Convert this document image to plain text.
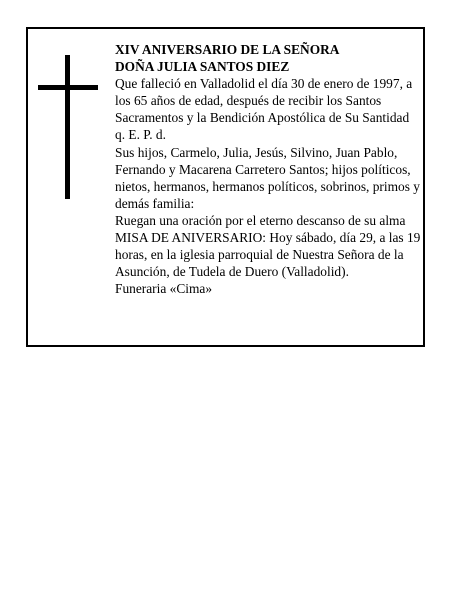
XIV ANIVERSARIO DE LA SEÑORA
DOÑA JULIA SANTOS DIEZ

Que falleció en Valladolid el día 30 de enero de 1997, a los 65 años de edad, después de recibir los Santos Sacramentos y la Bendición Apostólica de Su Santidad q. E. P. d.

Sus hijos, Carmelo, Julia, Jesús, Silvino, Juan Pablo, Fernando y Macarena Carretero Santos; hijos políticos, nietos, hermanos, hermanos políticos, sobrinos, primos y demás familia:

Ruegan una oración por el eterno descanso de su alma

MISA DE ANIVERSARIO: Hoy sábado, día 29, a las 19 horas, en la iglesia parroquial de Nuestra Señora de la Asunción, de Tudela de Duero (Valladolid).

Funeraria «Cima»
